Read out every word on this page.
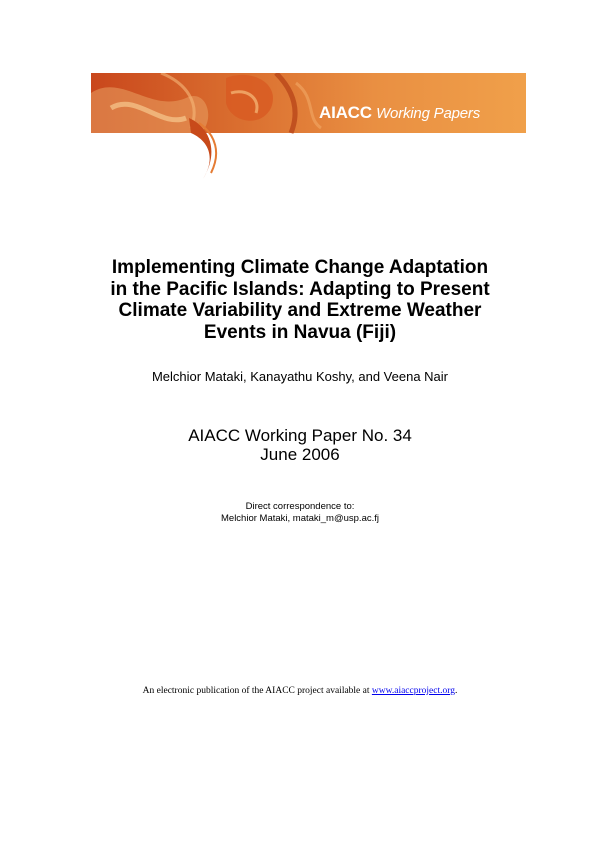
AIACC Working Papers
Implementing Climate Change Adaptation
in the Pacific Islands: Adapting to Present
Climate Variability and Extreme Weather
Events in Navua (Fiji)
Melchior Mataki, Kanayathu Koshy, and Veena Nair
AIACC Working Paper No. 34
June 2006
Direct correspondence to:
Melchior Mataki, mataki_m@usp.ac.fj
An electronic publication of the AIACC project available at www.aiaccproject.org.
